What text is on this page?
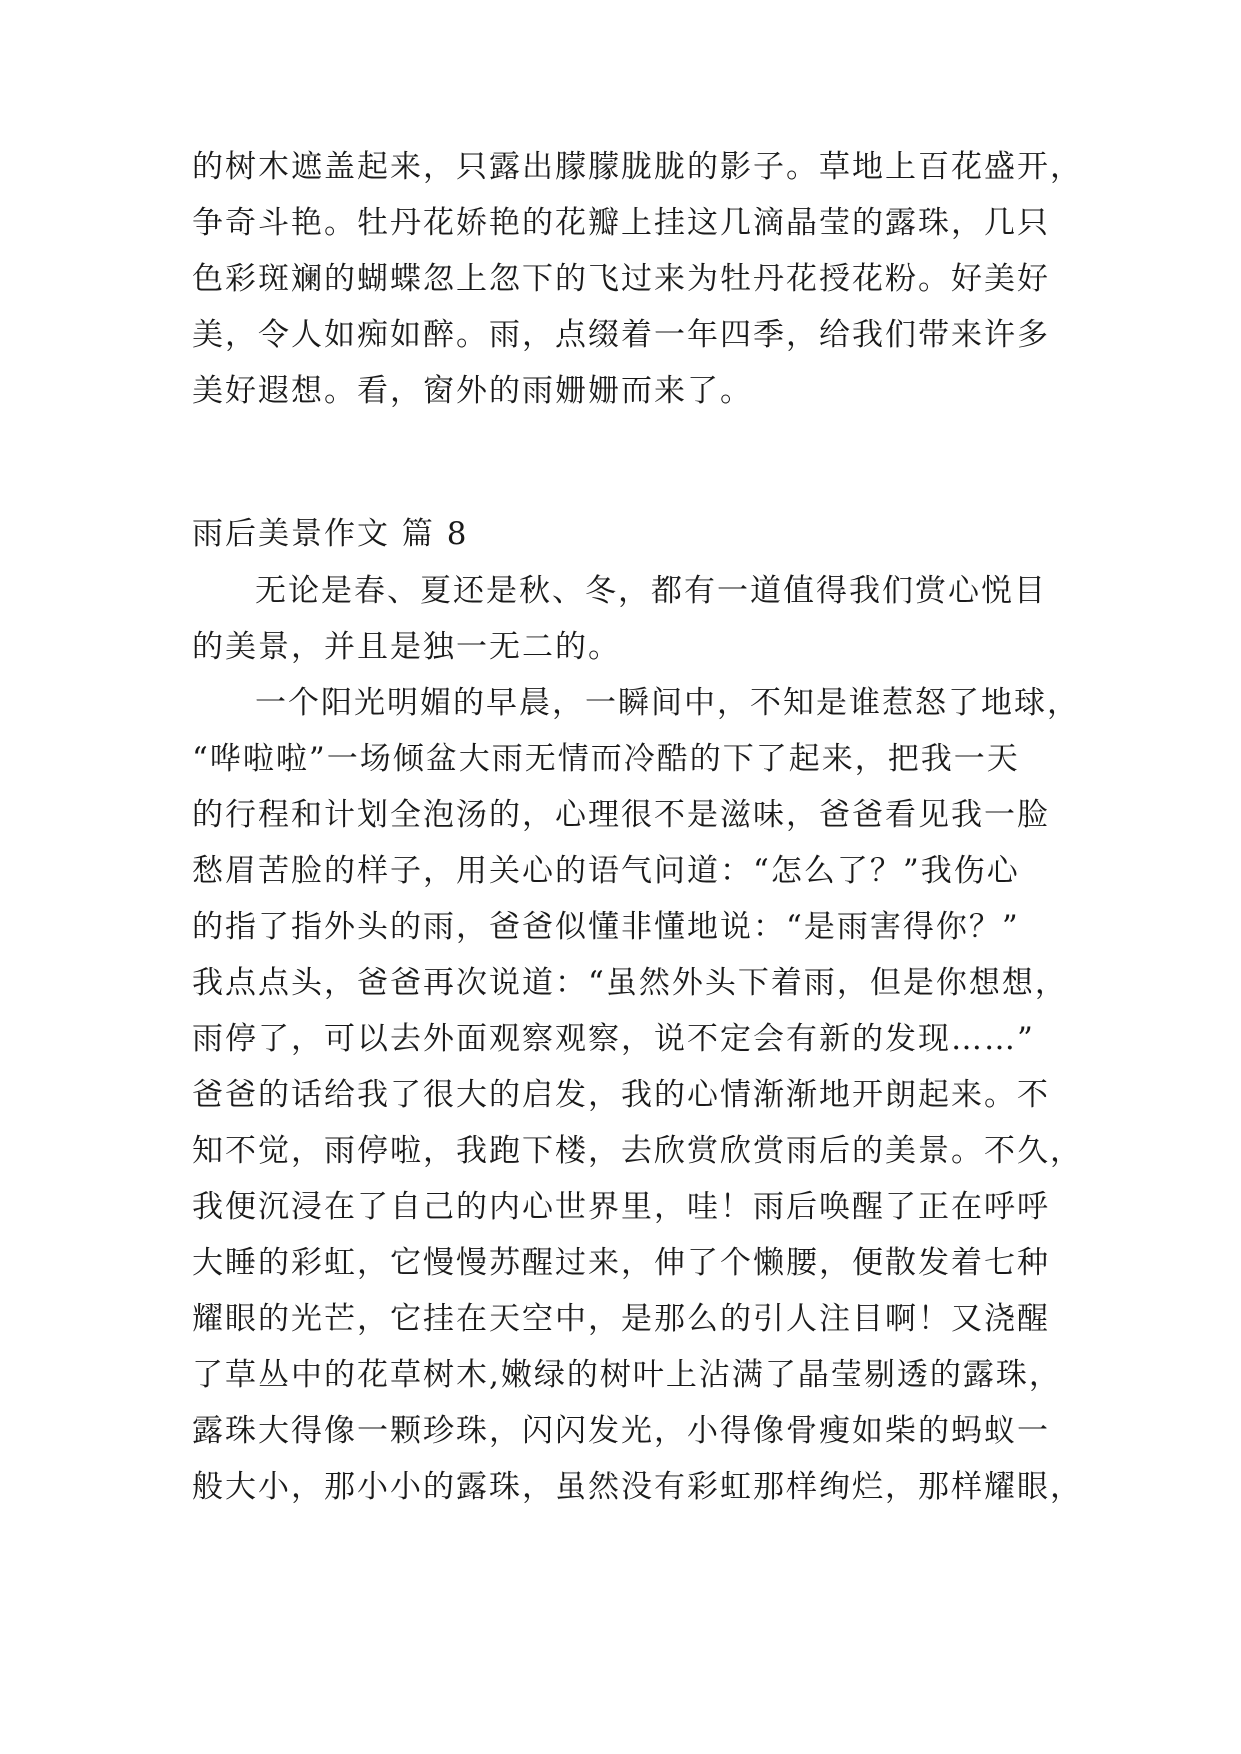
的树木遮盖起来，只露出朦朦胧胧的影子。草地上百花盛开，
争奇斗艳。牡丹花娇艳的花瓣上挂这几滴晶莹的露珠，几只
色彩斑斓的蝴蝶忽上忽下的飞过来为牡丹花授花粉。好美好
美，令人如痴如醉。雨，点缀着一年四季，给我们带来许多
美好遐想。看，窗外的雨姗姗而来了。
雨后美景作文 篇 8
无论是春、夏还是秋、冬，都有一道值得我们赏心悦目
的美景，并且是独一无二的。
一个阳光明媚的早晨，一瞬间中，不知是谁惹怒了地球，
“哗啦啦”一场倾盆大雨无情而冷酷的下了起来，把我一天
的行程和计划全泡汤的，心理很不是滋味，爸爸看见我一脸
愁眉苦脸的样子，用关心的语气问道：“怎么了？”我伤心
的指了指外头的雨，爸爸似懂非懂地说：“是雨害得你？”
我点点头，爸爸再次说道：“虽然外头下着雨，但是你想想，
雨停了，可以去外面观察观察，说不定会有新的发现……”
爸爸的话给我了很大的启发，我的心情渐渐地开朗起来。不
知不觉，雨停啦，我跑下楼，去欣赏欣赏雨后的美景。不久，
我便沉浸在了自己的内心世界里，哇！雨后唤醒了正在呼呼
大睡的彩虹，它慢慢苏醒过来，伸了个懒腰，便散发着七种
耀眼的光芒，它挂在天空中，是那么的引人注目啊！又浇醒
了草丛中的花草树木,嫩绿的树叶上沾满了晶莹剔透的露珠，
露珠大得像一颗珍珠，闪闪发光，小得像骨瘦如柴的蚂蚁一
般大小，那小小的露珠，虽然没有彩虹那样绚烂，那样耀眼，
